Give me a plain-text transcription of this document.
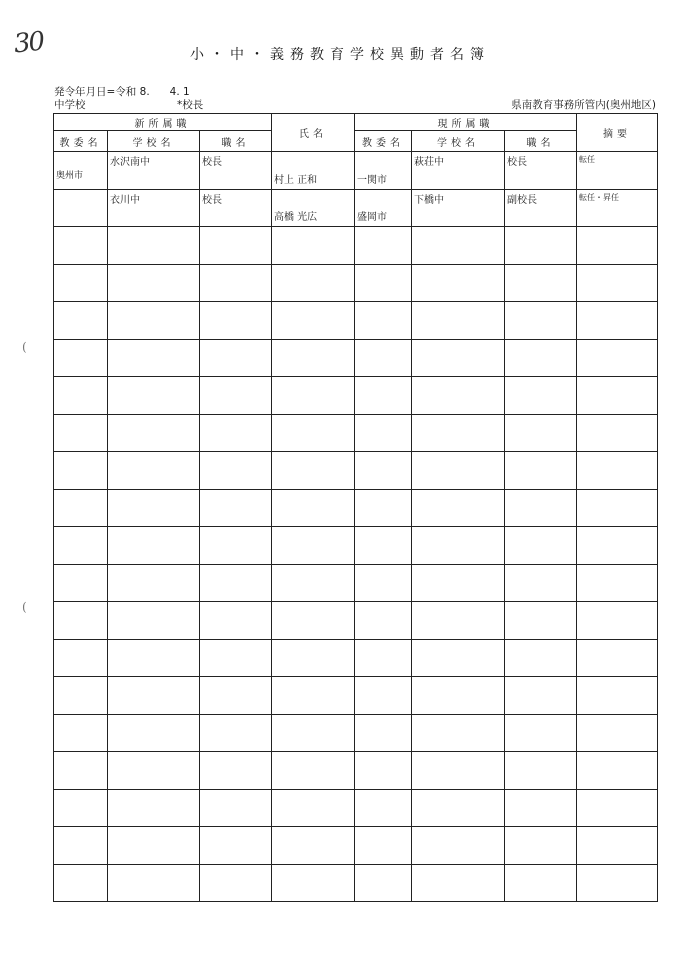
30	小・中・義務教育学校異動者名簿
発令年月日=令和 8.      4. 1
中学校	*校長	県南教育事務所管内(奥州地区)
(
(
新所属職			氏名	現所属職			摘要
教委名	学校名	職名		教委名	学校名	職名	

奥州市	水沢南中	校長	村上 正和	一関市	萩荘中	校長	転任

	衣川中	校長	高橋 光広	盛岡市	下橋中	副校長	転任・昇任
